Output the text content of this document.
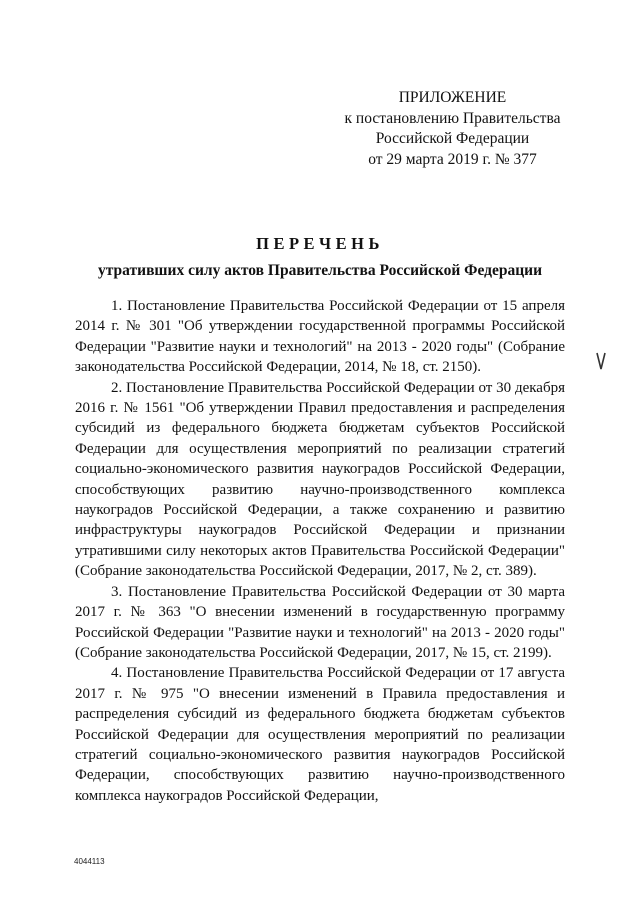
ПРИЛОЖЕНИЕ
к постановлению Правительства
Российской Федерации
от 29 марта 2019 г. № 377
ПЕРЕЧЕНЬ
утративших силу актов Правительства Российской Федерации

1. Постановление Правительства Российской Федерации от 15 апреля 2014 г. № 301 "Об утверждении государственной программы Российской Федерации "Развитие науки и технологий" на 2013 - 2020 годы" (Собрание законодательства Российской Федерации, 2014, № 18, ст. 2150).

2. Постановление Правительства Российской Федерации от 30 декабря 2016 г. № 1561 "Об утверждении Правил предоставления и распределения субсидий из федерального бюджета бюджетам субъектов Российской Федерации для осуществления мероприятий по реализации стратегий социально-экономического развития наукоградов Российской Федерации, способствующих развитию научно-производственного комплекса наукоградов Российской Федерации, а также сохранению и развитию инфраструктуры наукоградов Российской Федерации и признании утратившими силу некоторых актов Правительства Российской Федерации" (Собрание законодательства Российской Федерации, 2017, № 2, ст. 389).

3. Постановление Правительства Российской Федерации от 30 марта 2017 г. № 363 "О внесении изменений в государственную программу Российской Федерации "Развитие науки и технологий" на 2013 - 2020 годы" (Собрание законодательства Российской Федерации, 2017, № 15, ст. 2199).

4. Постановление Правительства Российской Федерации от 17 августа 2017 г. № 975 "О внесении изменений в Правила предоставления и распределения субсидий из федерального бюджета бюджетам субъектов Российской Федерации для осуществления мероприятий по реализации стратегий социально-экономического развития наукоградов Российской Федерации, способствующих развитию научно-производственного комплекса наукоградов Российской Федерации,

4044113
